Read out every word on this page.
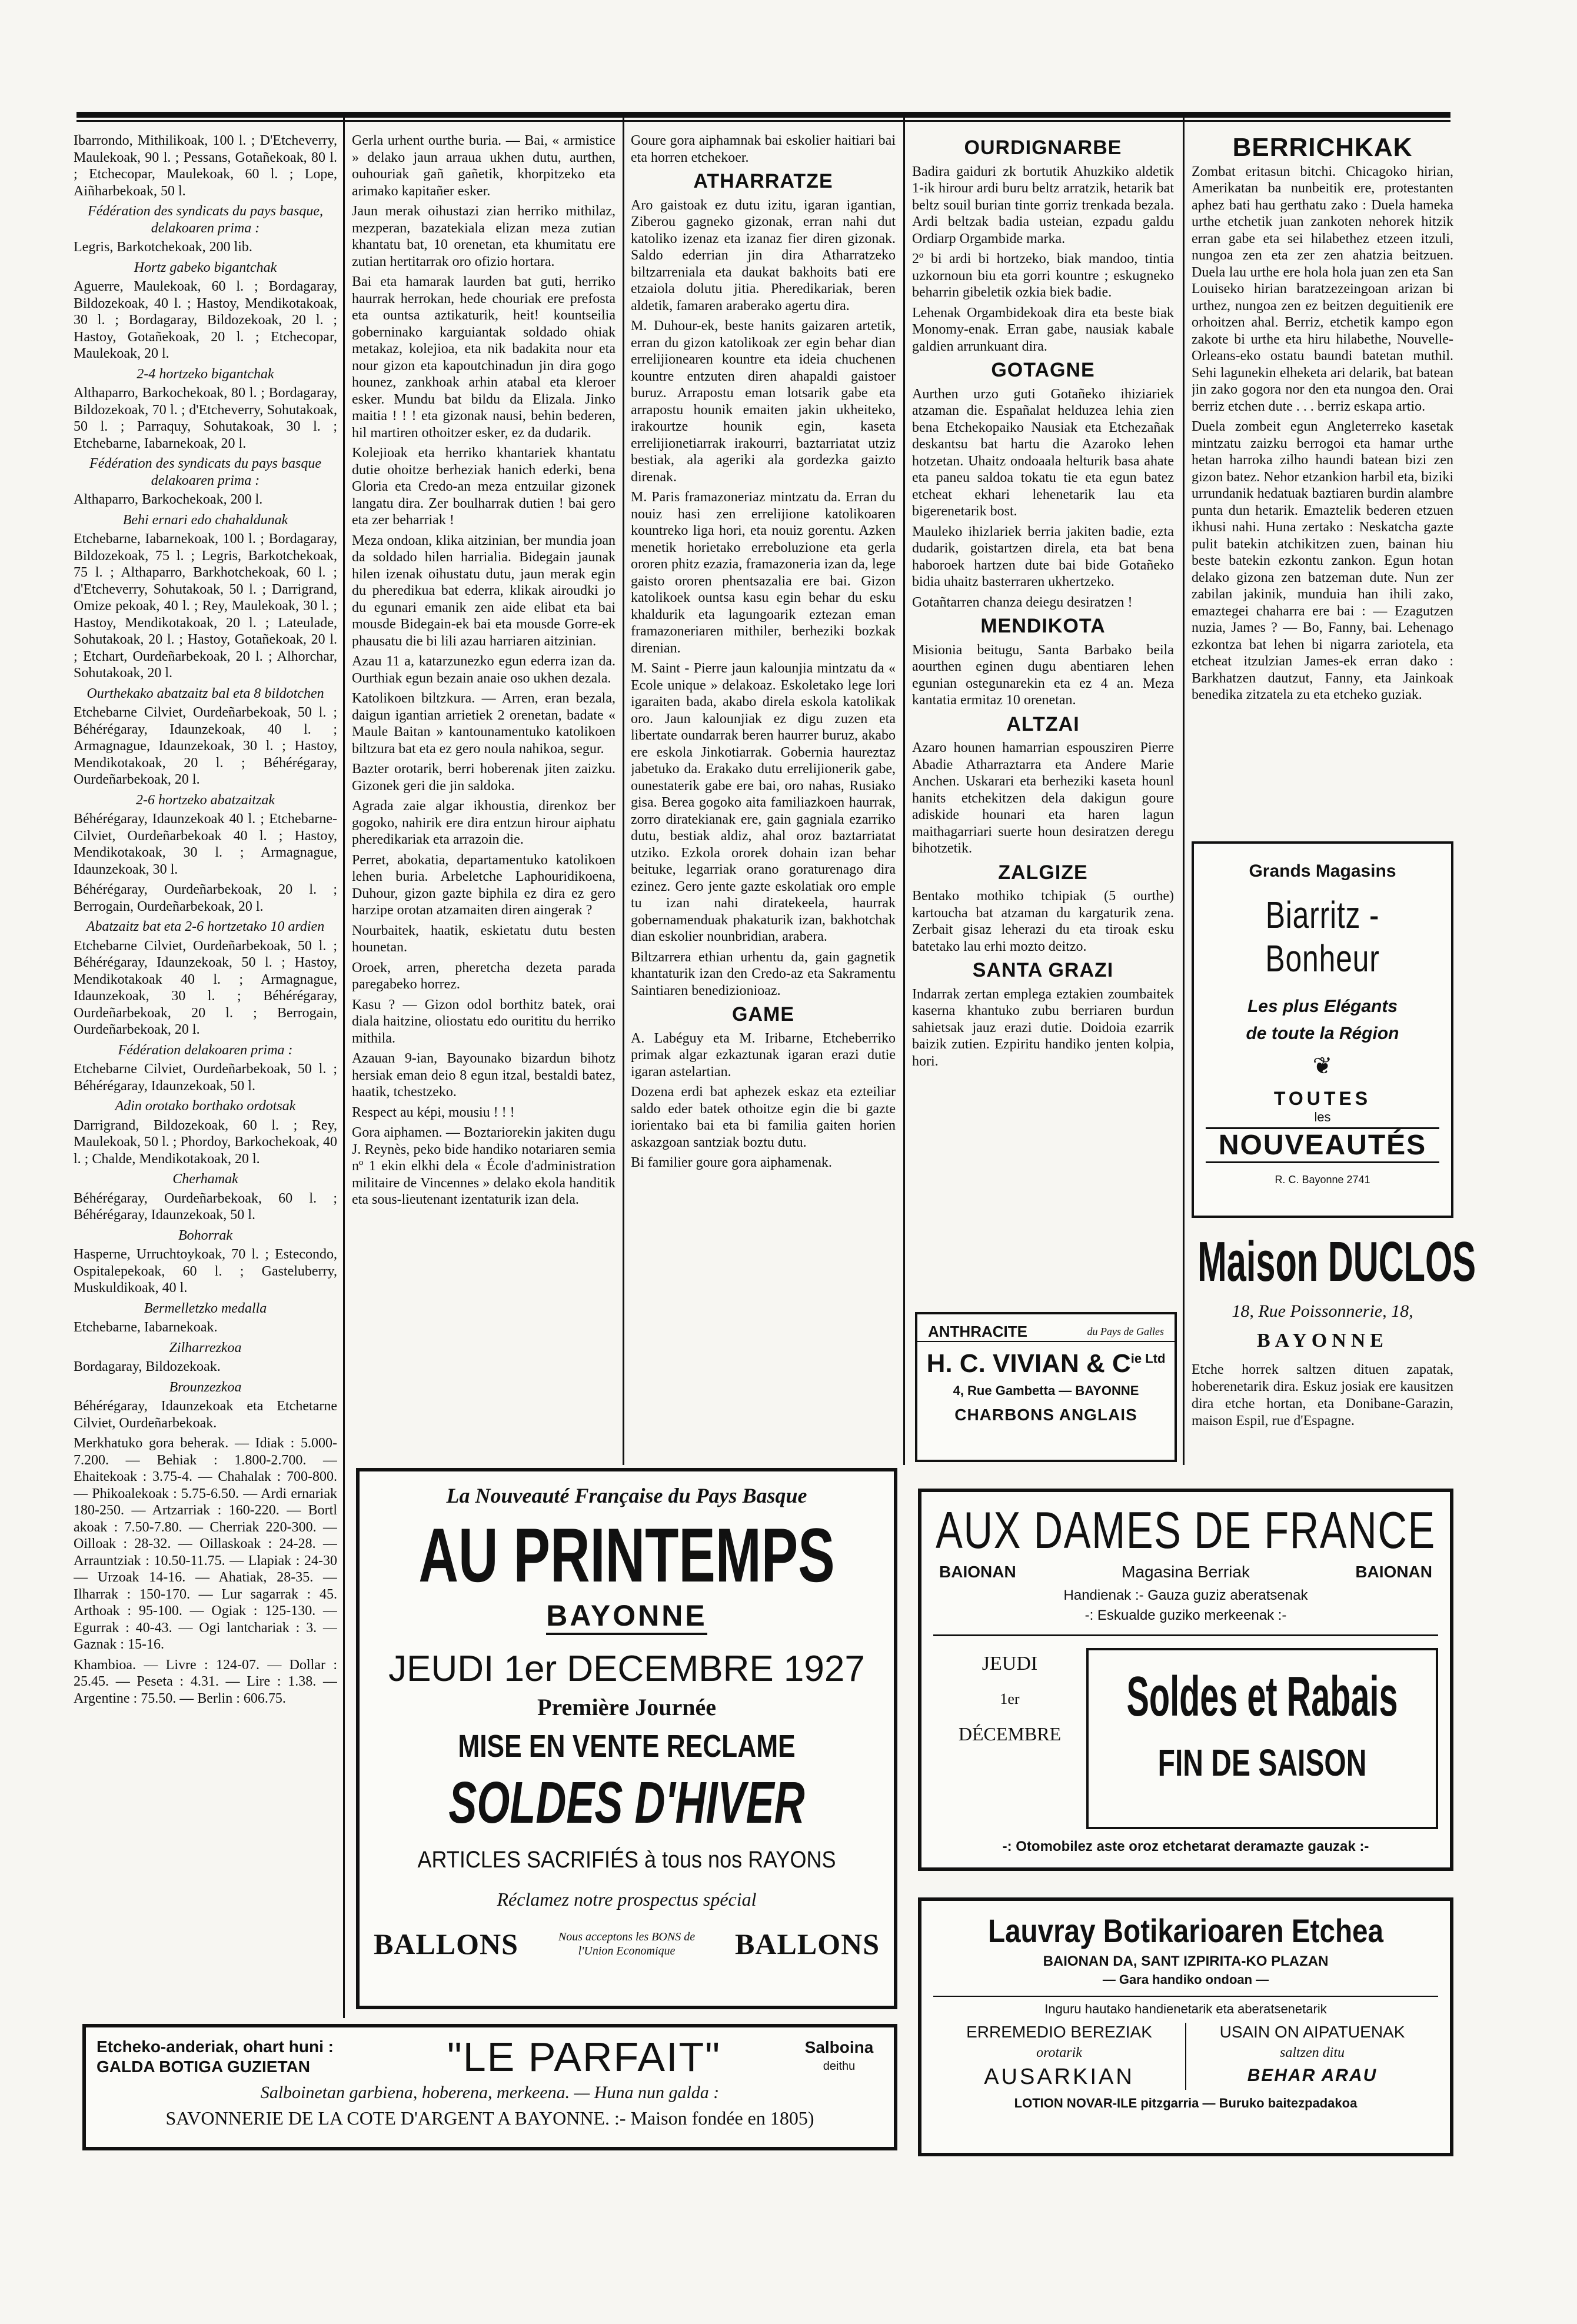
Ibarrondo, Mithilikoak, 100 l. ; D'Etcheverry, Maulekoak, 90 l. ; Pessans, Gotañekoak, 80 l. ; Etchecopar, Maulekoak, 60 l. ; Lope, Aiñharbekoak, 50 l.

Fédération des syndicats du pays basque, delakoaren prima :

Legris, Barkotchekoak, 200 lib.

Hortz gabeko bigantchak

Aguerre, Maulekoak, 60 l. ; Bordagaray, Bildozekoak, 40 l. ; Hastoy, Mendikotakoak, 30 l. ; Bordagaray, Bildozekoak, 20 l. ; Hastoy, Gotañekoak, 20 l. ; Etchecopar, Maulekoak, 20 l.

2-4 hortzeko bigantchak

Althaparro, Barkochekoak, 80 l. ; Bordagaray, Bildozekoak, 70 l. ; d'Etcheverry, Sohutakoak, 50 l. ; Parraquy, Sohutakoak, 30 l. ; Etchebarne, Iabarnekoak, 20 l.

Fédération des syndicats du pays basque delakoaren prima :

Althaparro, Barkochekoak, 200 l.

Behi ernari edo chahaldunak

Etchebarne, Iabarnekoak, 100 l. ; Bordagaray, Bildozekoak, 75 l. ; Legris, Barkotchekoak, 75 l. ; Althaparro, Barkhotchekoak, 60 l. ; d'Etcheverry, Sohutakoak, 50 l. ; Darrigrand, Omize pekoak, 40 l. ; Rey, Maulekoak, 30 l. ; Hastoy, Mendikotakoak, 20 l. ; Lateulade, Sohutakoak, 20 l. ; Hastoy, Gotañekoak, 20 l. ; Etchart, Ourdeñarbekoak, 20 l. ; Alhorchar, Sohutakoak, 20 l.

Ourthekako abatzaitz bal eta 8 bildotchen

Etchebarne Cilviet, Ourdeñarbekoak, 50 l. ; Béhérégaray, Idaunzekoak, 40 l. ; Armagnague, Idaunzekoak, 30 l. ; Hastoy, Mendikotakoak, 20 l. ; Béhérégaray, Ourdeñarbekoak, 20 l.

2-6 hortzeko abatzaitzak

Béhérégaray, Idaunzekoak 40 l. ; Etchebarne-Cilviet, Ourdeñarbekoak 40 l. ; Hastoy, Mendikotakoak, 30 l. ; Armagnague, Idaunzekoak, 30 l.

Béhérégaray, Ourdeñarbekoak, 20 l. ; Berrogain, Ourdeñarbekoak, 20 l.

Abatzaitz bat eta 2-6 hortzetako 10 ardien

Etchebarne Cilviet, Ourdeñarbekoak, 50 l. ; Béhérégaray, Idaunzekoak, 50 l. ; Hastoy, Mendikotakoak 40 l. ; Armagnague, Idaunzekoak, 30 l. ; Béhérégaray, Ourdeñarbekoak, 20 l. ; Berrogain, Ourdeñarbekoak, 20 l.

Fédération delakoaren prima :

Etchebarne Cilviet, Ourdeñarbekoak, 50 l. ; Béhérégaray, Idaunzekoak, 50 l.

Adin orotako borthako ordotsak

Darrigrand, Bildozekoak, 60 l. ; Rey, Maulekoak, 50 l. ; Phordoy, Barkochekoak, 40 l. ; Chalde, Mendikotakoak, 20 l.

Cherhamak

Béhérégaray, Ourdeñarbekoak, 60 l. ; Béhérégaray, Idaunzekoak, 50 l.

Bohorrak

Hasperne, Urruchtoykoak, 70 l. ; Estecondo, Ospitalepekoak, 60 l. ; Gasteluberry, Muskuldikoak, 40 l.

Bermelletzko medalla

Etchebarne, Iabarnekoak.

Zilharrezkoa

Bordagaray, Bildozekoak.

Brounzezkoa

Béhérégaray, Idaunzekoak eta Etchetarne Cilviet, Ourdeñarbekoak.

Merkhatuko gora beherak. — Idiak : 5.000-7.200. — Behiak : 1.800-2.700. — Ehaitekoak : 3.75-4. — Chahalak : 700-800. — Phikoalekoak : 5.75-6.50. — Ardi ernariak 180-250. — Artzarriak : 160-220. — Bortl akoak : 7.50-7.80. — Cherriak 220-300. — Oilloak : 28-32. — Oillaskoak : 24-28. — Arrauntziak : 10.50-11.75. — Llapiak : 24-30 — Urzoak 14-16. — Ahatiak, 28-35. — Ilharrak : 150-170. — Lur sagarrak : 45. Arthoak : 95-100. — Ogiak : 125-130. — Egurrak : 40-43. — Ogi lantchariak : 3. — Gaznak : 15-16.

Khambioa. — Livre : 124-07. — Dollar : 25.45. — Peseta : 4.31. — Lire : 1.38. — Argentine : 75.50. — Berlin : 606.75.

Gerla urhent ourthe buria. — Bai, « armistice » delako jaun arraua ukhen dutu, aurthen, ouhouriak gañ gañetik, khorpitzeko eta arimako kapitañer esker.

Jaun merak oihustazi zian herriko mithilaz, mezperan, bazatekiala elizan meza zutian khantatu bat, 10 orenetan, eta khumitatu ere zutian hertitarrak oro ofizio hortara.

Bai eta hamarak laurden bat guti, herriko haurrak herrokan, hede chouriak ere prefosta eta ountsa aztikaturik, heit! kountseilia goberninako karguiantak soldado ohiak metakaz, kolejioa, eta nik badakita nour eta nour gizon eta kapoutchinadun jin dira gogo hounez, zankhoak arhin atabal eta kleroer esker. Mundu bat bildu da Elizala. Jinko maitia ! ! ! eta gizonak nausi, behin bederen, hil martiren othoitzer esker, ez da dudarik.

Kolejioak eta herriko khantariek khantatu dutie ohoitze berheziak hanich ederki, bena Gloria eta Credo-an meza entzuilar gizonek langatu dira. Zer boulharrak dutien ! bai gero eta zer beharriak !

Meza ondoan, klika aitzinian, ber mundia joan da soldado hilen harrialia. Bidegain jaunak hilen izenak oihustatu dutu, jaun merak egin du pheredikua bat ederra, klikak airoudki jo du egunari emanik zen aide elibat eta bai mousde Bidegain-ek bai eta mousde Gorre-ek phausatu die bi lili azau harriaren aitzinian.

Azau 11 a, katarzunezko egun ederra izan da. Ourthiak egun bezain anaie oso ukhen dezala.

Katolikoen biltzkura. — Arren, eran bezala, daigun igantian arrietiek 2 orenetan, badate « Maule Baitan » kantounamentuko katolikoen biltzura bat eta ez gero noula nahikoa, segur.

Bazter orotarik, berri hoberenak jiten zaizku. Gizonek geri die jin saldoka.

Agrada zaie algar ikhoustia, direnkoz ber gogoko, nahirik ere dira entzun hirour aiphatu pheredikariak eta arrazoin die.

Perret, abokatia, departamentuko katolikoen lehen buria. Arbeletche Laphouridikoena, Duhour, gizon gazte biphila ez dira ez gero harzipe orotan atzamaiten diren aingerak ?

Nourbaitek, haatik, eskietatu dutu besten hounetan.

Oroek, arren, pheretcha dezeta parada paregabeko horrez.

Kasu ? — Gizon odol borthitz batek, orai diala haitzine, oliostatu edo ourititu du herriko mithila.

Azauan 9-ian, Bayounako bizardun bihotz hersiak eman deio 8 egun itzal, bestaldi batez, haatik, tchestzeko.

Respect au képi, mousiu ! ! !

Gora aiphamen. — Boztariorekin jakiten dugu J. Reynès, peko bide handiko notariaren semia nº 1 ekin elkhi dela « École d'administration militaire de Vincennes » delako ekola handitik eta sous-lieutenant izentaturik izan dela.

Goure gora aiphamnak bai eskolier haitiari bai eta horren etchekoer.

ATHARRATZE

Aro gaistoak ez dutu izitu, igaran igantian, Ziberou gagneko gizonak, erran nahi dut katoliko izenaz eta izanaz fier diren gizonak. Saldo ederrian jin dira Atharratzeko biltzarreniala eta daukat bakhoits bati ere etzaiola dolutu jitia. Pheredikariak, beren aldetik, famaren araberako agertu dira.

M. Duhour-ek, beste hanits gaizaren artetik, erran du gizon katolikoak zer egin behar dian errelijionearen kountre eta ideia chuchenen kountre entzuten diren ahapaldi gaistoer buruz. Arrapostu eman lotsarik gabe eta arrapostu hounik emaiten jakin ukheiteko, irakourtze hounik egin, kaseta errelijionetiarrak irakourri, baztarriatat utziz bestiak, ala ageriki ala gordezka gaizto direnak.

M. Paris framazoneriaz mintzatu da. Erran du nouiz hasi zen errelijione katolikoaren kountreko liga hori, eta nouiz gorentu. Azken menetik horietako erreboluzione eta gerla ororen phitz ezazia, framazoneria izan da, lege gaisto ororen phentsazalia ere bai. Gizon katolikoek ountsa kasu egin behar du esku khaldurik eta lagungoarik eztezan eman framazoneriaren mithiler, berheziki bozkak direnian.

M. Saint - Pierre jaun kalounjia mintzatu da « Ecole unique » delakoaz. Eskoletako lege lori igaraiten bada, akabo direla eskola katolikak oro. Jaun kalounjiak ez digu zuzen eta libertate oundarrak beren haurrer buruz, akabo ere eskola Jinkotiarrak. Gobernia haureztaz jabetuko da. Erakako dutu errelijionerik gabe, ounestaterik gabe ere bai, oro nahas, Rusiako gisa. Berea gogoko aita familiazkoen haurrak, zorro diratekianak ere, gain gagniala ezarriko dutu, bestiak aldiz, ahal oroz baztarriatat utziko. Ezkola ororek dohain izan behar beituke, legarriak orano goraturenago dira ezinez. Gero jente gazte eskolatiak oro emple tu izan nahi diratekeela, haurrak gobernamenduak phakaturik izan, bakhotchak dian eskolier nounbridian, arabera.

Biltzarrera ethian urhentu da, gain gagnetik khantaturik izan den Credo-az eta Sakramentu Saintiaren benedizionioaz.

GAME

A. Labéguy eta M. Iribarne, Etcheberriko primak algar ezkaztunak igaran erazi dutie igaran astelartian.

Dozena erdi bat aphezek eskaz eta ezteiliar saldo eder batek othoitze egin die bi gazte iorientako bai eta bi familia gaiten horien askazgoan santziak boztu dutu.

Bi familier goure gora aiphamenak.

OURDIGNARBE

Badira gaiduri zk bortutik Ahuzkiko aldetik 1-ik hirour ardi buru beltz arratzik, hetarik bat beltz souil burian tinte gorriz trenkada bezala. Ardi beltzak badia usteian, ezpadu galdu Ordiarp Orgambide marka.

2º bi ardi bi hortzeko, biak mandoo, tintia uzkornoun biu eta gorri kountre ; eskugneko beharrin gibeletik ozkia biek badie.

Lehenak Orgambidekoak dira eta beste biak Monomy-enak. Erran gabe, nausiak kabale galdien arrunkuant dira.

GOTAGNE

Aurthen urzo guti Gotañeko ihiziariek atzaman die. Españalat helduzea lehia zien bena Etchekopaiko Nausiak eta Etchezañak deskantsu bat hartu die Azaroko lehen hotzetan. Uhaitz ondoaala helturik basa ahate eta paneu saldoa tokatu tie eta egun batez etcheat ekhari lehenetarik lau eta bigerenetarik bost.

Mauleko ihizlariek berria jakiten badie, ezta dudarik, goistartzen direla, eta bat bena haboroek hartzen dute bai bide Gotañeko bidia uhaitz basterraren ukhertzeko.

Gotañtarren chanza deiegu desiratzen !

MENDIKOTA

Misionia beitugu, Santa Barbako beila aourthen eginen dugu abentiaren lehen egunian ostegunarekin eta ez 4 an. Meza kantatia ermitaz 10 orenetan.

ALTZAI

Azaro hounen hamarrian espousziren Pierre Abadie Atharraztarra eta Andere Marie Anchen. Uskarari eta berheziki kaseta hounl hanits etchekitzen dela dakigun goure adiskide hounari eta haren lagun maithagarriari suerte houn desiratzen deregu bihotzetik.

ZALGIZE

Bentako mothiko tchipiak (5 ourthe) kartoucha bat atzaman du kargaturik zena. Zerbait gisaz leherazi du eta tiroak esku batetako lau erhi mozto deitzo.

SANTA GRAZI

Indarrak zertan emplega eztakien zoumbaitek kaserna khantuko zubu berriaren burdun sahietsak jauz erazi dutie. Doidoia ezarrik baizik zutien. Ezpiritu handiko jenten kolpia, hori.

BERRICHKAK

Zombat eritasun bitchi. Chicagoko hirian, Amerikatan ba nunbeitik ere, protestanten aphez bati hau gerthatu zako : Duela hameka urthe etchetik juan zankoten nehorek hitzik erran gabe eta sei hilabethez etzeen itzuli, nungoa zen eta zer zen ahatzia beitzuen. Duela lau urthe ere hola hola juan zen eta San Louiseko hirian baratzezeingoan arizan bi urthez, nungoa zen ez beitzen deguitienik ere orhoitzen ahal. Berriz, etchetik kampo egon zakote bi urthe eta hiru hilabethe, Nouvelle-Orleans-eko ostatu baundi batetan muthil. Sehi lagunekin elheketa ari delarik, bat batean jin zako gogora nor den eta nungoa den. Orai berriz etchen dute . . . berriz eskapa artio.

Duela zombeit egun Angleterreko kasetak mintzatu zaizku berrogoi eta hamar urthe hetan harroka zilho haundi batean bizi zen gizon batez. Nehor etzankion harbil eta, biziki urrundanik hedatuak baztiaren burdin alambre punta dun hetarik. Emaztelik bederen etzuen ikhusi nahi. Huna zertako : Neskatcha gazte pulit batekin atchikitzen zuen, bainan hiu beste batekin ezkontu zankon. Egun hotan delako gizona zen batzeman dute. Nun zer zabilan jakinik, munduia han ihili zako, emaztegei chaharra ere bai : — Ezagutzen nuzia, James ? — Bo, Fanny, bai. Lehenago ezkontza bat lehen bi nigarra zariotela, eta etcheat itzulzian James-ek erran dako : Barkhatzen dautzut, Fanny, eta Jainkoak benedika zitzatela zu eta etcheko guziak.

Grands Magasins
Biarritz - Bonheur
Les plus Elégants
de toute la Région
❦
TOUTES
les
NOUVEAUTÉS
R. C. Bayonne 2741
Maison DUCLOS
18, Rue Poissonnerie, 18,
BAYONNE
Etche horrek saltzen dituen zapatak, hoberenetarik dira. Eskuz josiak ere kausitzen dira etche hortan, eta Donibane-Garazin, maison Espil, rue d'Espagne.
ANTHRACITE	du Pays de Galles
H. C. VIVIAN & $C^{ie Ltd}$
4, Rue Gambetta — BAYONNE
CHARBONS ANGLAIS
La Nouveauté Française du Pays Basque
AU PRINTEMPS
BAYONNE
JEUDI 1er DECEMBRE 1927
Première Journée
MISE EN VENTE RECLAME
SOLDES D'HIVER
ARTICLES SACRIFIÉS à tous nos RAYONS
Réclamez notre prospectus spécial
BALLONS	Nous acceptons les BONS de l'Union Economique	BALLONS
AUX DAMES DE FRANCE
BAIONAN	Magasina Berriak	BAIONAN
Handienak :- Gauza guziz aberatsenak
-: Eskualde guziko merkeenak :-
JEUDI
1er
DÉCEMBRE
Soldes et Rabais
FIN DE SAISON
-: Otomobilez aste oroz etchetarat deramazte gauzak :-
Lauvray Botikarioaren Etchea
BAIONAN DA, SANT IZPIRITA-KO PLAZAN
— Gara handiko ondoan —
Inguru hautako handienetarik eta aberatsenetarik
ERREMEDIO BEREZIAK
orotarik
AUSARKIAN
USAIN ON AIPATUENAK
saltzen ditu
BEHAR ARAU
LOTION NOVAR-ILE pitzgarria — Buruko baitezpadakoa
Etcheko-anderiak, ohart huni :
GALDA BOTIGA GUZIETAN	"LE PARFAIT"	Salboina
deithu
Salboinetan garbiena, hoberena, merkeena. — Huna nun galda :
SAVONNERIE DE LA COTE D'ARGENT A BAYONNE. :- Maison fondée en 1805)
